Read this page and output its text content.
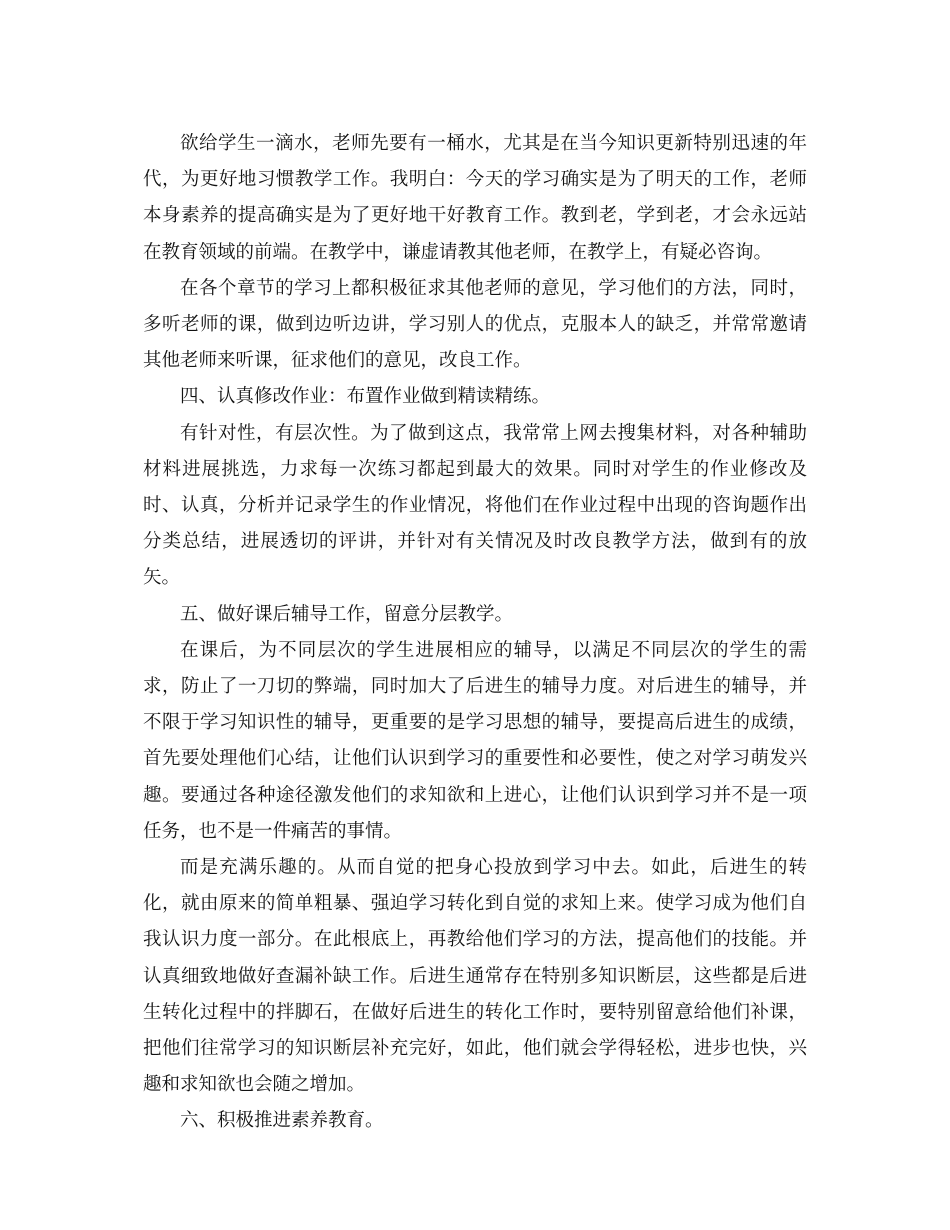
欲给学生一滴水，老师先要有一桶水，尤其是在当今知识更新特别迅速的年代，为更好地习惯教学工作。我明白：今天的学习确实是为了明天的工作，老师本身素养的提高确实是为了更好地干好教育工作。教到老，学到老，才会永远站在教育领域的前端。在教学中，谦虚请教其他老师，在教学上，有疑必咨询。

在各个章节的学习上都积极征求其他老师的意见，学习他们的方法，同时，多听老师的课，做到边听边讲，学习别人的优点，克服本人的缺乏，并常常邀请其他老师来听课，征求他们的意见，改良工作。

四、认真修改作业：布置作业做到精读精练。

有针对性，有层次性。为了做到这点，我常常上网去搜集材料，对各种辅助材料进展挑选，力求每一次练习都起到最大的效果。同时对学生的作业修改及时、认真，分析并记录学生的作业情况，将他们在作业过程中出现的咨询题作出分类总结，进展透切的评讲，并针对有关情况及时改良教学方法，做到有的放矢。

五、做好课后辅导工作，留意分层教学。

在课后，为不同层次的学生进展相应的辅导，以满足不同层次的学生的需求，防止了一刀切的弊端，同时加大了后进生的辅导力度。对后进生的辅导，并不限于学习知识性的辅导，更重要的是学习思想的辅导，要提高后进生的成绩，首先要处理他们心结，让他们认识到学习的重要性和必要性，使之对学习萌发兴趣。要通过各种途径激发他们的求知欲和上进心，让他们认识到学习并不是一项任务，也不是一件痛苦的事情。

而是充满乐趣的。从而自觉的把身心投放到学习中去。如此，后进生的转化，就由原来的简单粗暴、强迫学习转化到自觉的求知上来。使学习成为他们自我认识力度一部分。在此根底上，再教给他们学习的方法，提高他们的技能。并认真细致地做好查漏补缺工作。后进生通常存在特别多知识断层，这些都是后进生转化过程中的拌脚石，在做好后进生的转化工作时，要特别留意给他们补课，把他们往常学习的知识断层补充完好，如此，他们就会学得轻松，进步也快，兴趣和求知欲也会随之增加。

六、积极推进素养教育。
